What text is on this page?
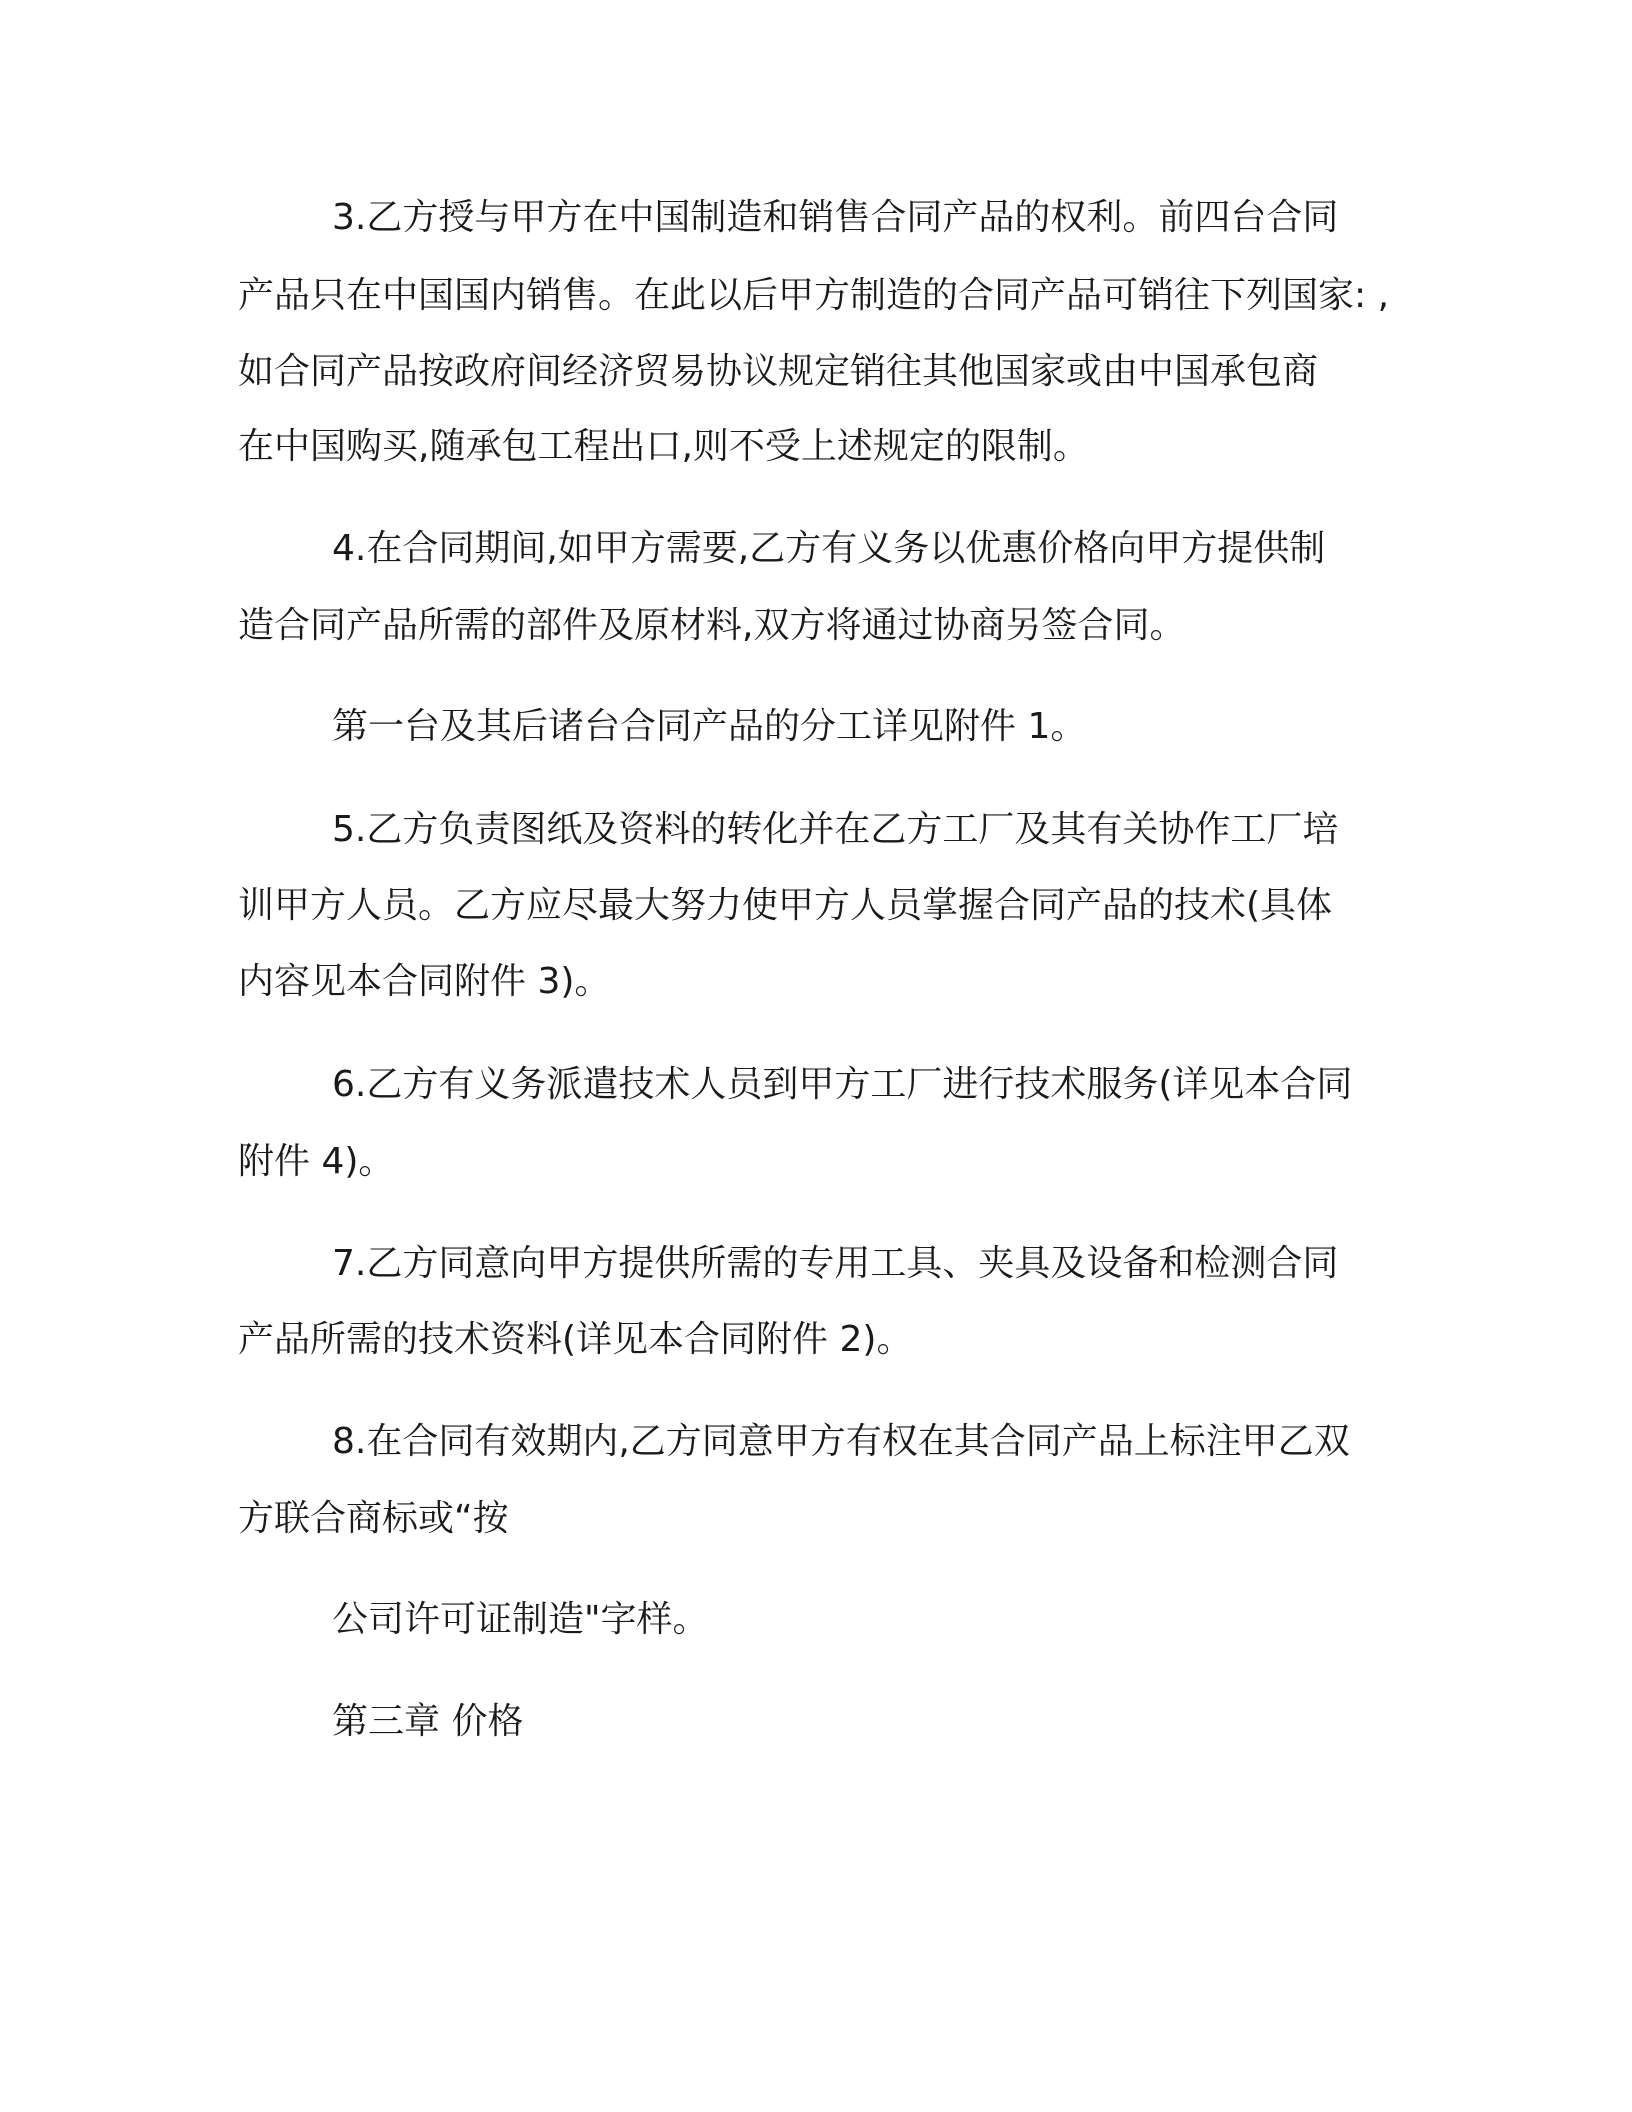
3.乙方授与甲方在中国制造和销售合同产品的权利。前四台合同

产品只在中国国内销售。在此以后甲方制造的合同产品可销往下列国家: ,

如合同产品按政府间经济贸易协议规定销往其他国家或由中国承包商

在中国购买,随承包工程出口,则不受上述规定的限制。

4.在合同期间,如甲方需要,乙方有义务以优惠价格向甲方提供制

造合同产品所需的部件及原材料,双方将通过协商另签合同。

第一台及其后诸台合同产品的分工详见附件 1。

5.乙方负责图纸及资料的转化并在乙方工厂及其有关协作工厂培

训甲方人员。乙方应尽最大努力使甲方人员掌握合同产品的技术(具体

内容见本合同附件 3)。

6.乙方有义务派遣技术人员到甲方工厂进行技术服务(详见本合同

附件 4)。

7.乙方同意向甲方提供所需的专用工具、夹具及设备和检测合同

产品所需的技术资料(详见本合同附件 2)。

8.在合同有效期内,乙方同意甲方有权在其合同产品上标注甲乙双

方联合商标或“按

公司许可证制造"字样。

第三章 价格
